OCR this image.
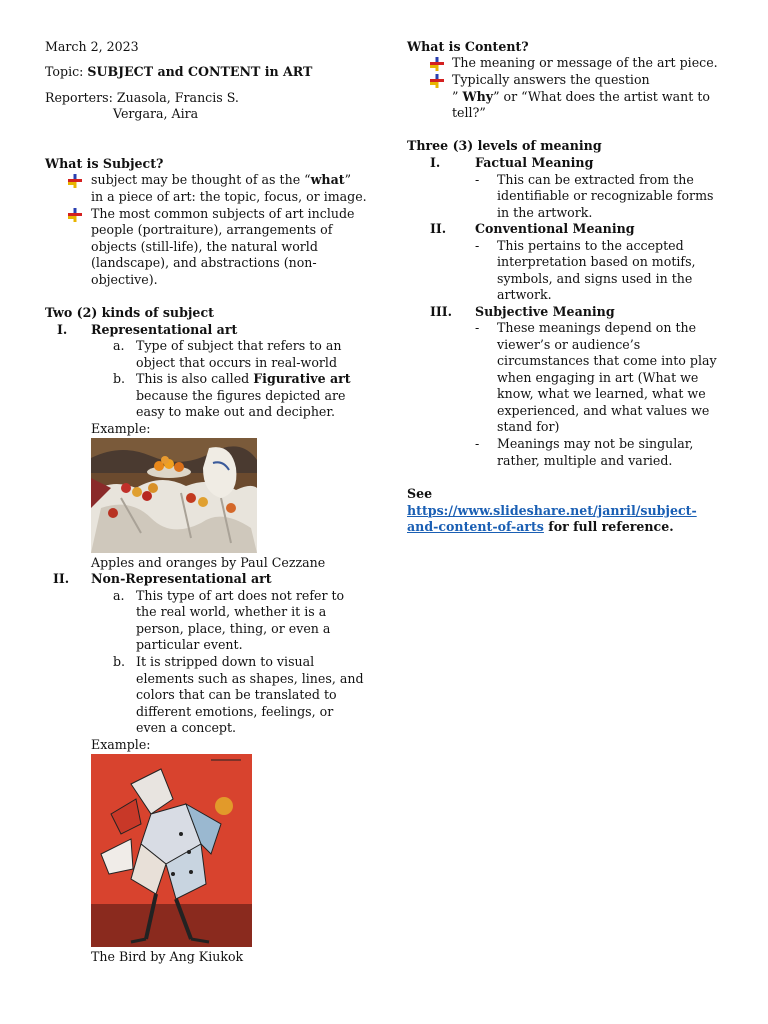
March 2, 2023
Topic: SUBJECT and CONTENT in ART
Reporters: Zuasola, Francis S.
Vergara, Aira
What is Subject?
subject may be thought of as the “what”
in a piece of art: the topic, focus, or image.
The most common subjects of art include
people (portraiture), arrangements of
objects (still-life), the natural world
(landscape), and abstractions (non-
objective).
Two (2) kinds of subject
I. Representational art
a. Type of subject that refers to an
object that occurs in real-world
b. This is also called Figurative art
because the figures depicted are
easy to make out and decipher.
Example:
Apples and oranges by Paul Cezzane
II. Non-Representational art
a. This type of art does not refer to
the real world, whether it is a
person, place, thing, or even a
particular event.
b. It is stripped down to visual
elements such as shapes, lines, and
colors that can be translated to
different emotions, feelings, or
even a concept.
Example:
The Bird by Ang Kiukok
What is Content?
The meaning or message of the art piece.
Typically answers the question
” Why” or “What does the artist want to
tell?”
Three (3) levels of meaning
I.	Factual Meaning
- This can be extracted from the
identifiable or recognizable forms
in the artwork.
II. Conventional Meaning
- This pertains to the accepted
interpretation based on motifs,
symbols, and signs used in the
artwork.
III. Subjective Meaning
- These meanings depend on the
viewer’s or audience’s
circumstances that come into play
when engaging in art (What we
know, what we learned, what we
experienced, and what values we
stand for)
- Meanings may not be singular,
rather, multiple and varied.
See
https://www.slideshare.net/janril/subject-
and-content-of-arts for full reference.
